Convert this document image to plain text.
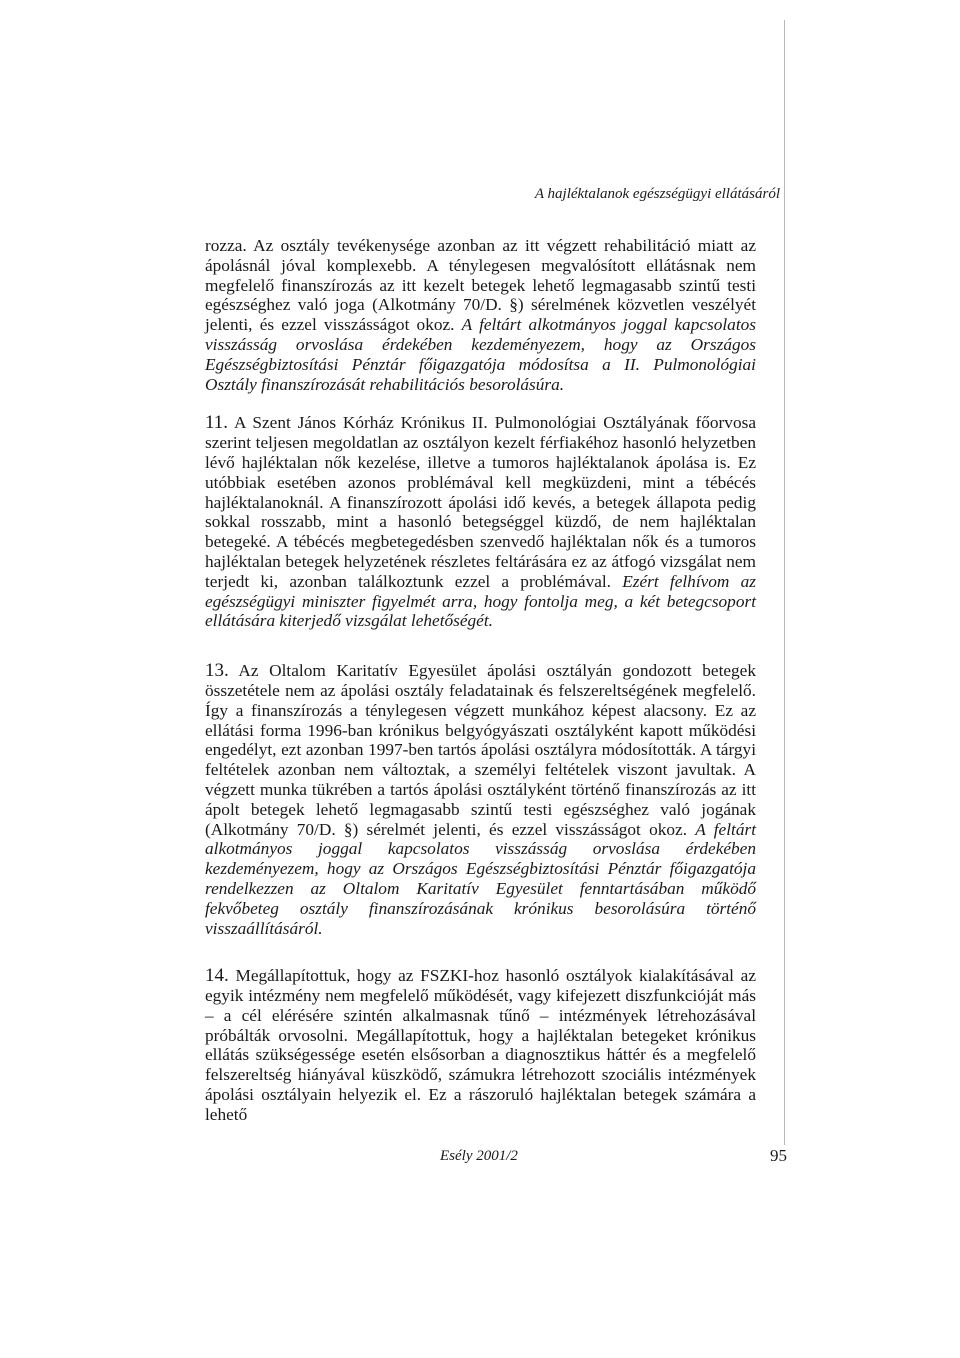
A hajléktalanok egészségügyi ellátásáról

rozza. Az osztály tevékenysége azonban az itt végzett rehabilitáció miatt az ápolásnál jóval komplexebb. A ténylegesen megvalósított ellátásnak nem megfelelő finanszírozás az itt kezelt betegek lehető legmagasabb szintű testi egészséghez való joga (Alkotmány 70/D. §) sérelmének közvetlen veszélyét jelenti, és ezzel visszásságot okoz. A feltárt alkotmányos joggal kapcsolatos visszásság orvoslása érdekében kezdeményezem, hogy az Országos Egészségbiztosítási Pénztár főigazgatója módosítsa a II. Pulmonológiai Osztály finanszírozását rehabilitációs besorolásúra.

11. A Szent János Kórház Krónikus II. Pulmonológiai Osztályának főorvosa szerint teljesen megoldatlan az osztályon kezelt férfiakéhoz hasonló helyzetben lévő hajléktalan nők kezelése, illetve a tumoros hajléktalanok ápolása is. Ez utóbbiak esetében azonos problémával kell megküzdeni, mint a tébécés hajléktalanoknál. A finanszírozott ápolási idő kevés, a betegek állapota pedig sokkal rosszabb, mint a hasonló betegséggel küzdő, de nem hajléktalan betegeké. A tébécés megbetegedésben szenvedő hajléktalan nők és a tumoros hajléktalan betegek helyzetének részletes feltárására ez az átfogó vizsgálat nem terjedt ki, azonban találkoztunk ezzel a problémával. Ezért felhívom az egészségügyi miniszter figyelmét arra, hogy fontolja meg, a két betegcsoport ellátására kiterjedő vizsgálat lehetőségét.

13. Az Oltalom Karitatív Egyesület ápolási osztályán gondozott betegek összetétele nem az ápolási osztály feladatainak és felszereltségének megfelelő. Így a finanszírozás a ténylegesen végzett munkához képest alacsony. Ez az ellátási forma 1996-ban krónikus belgyógyászati osztályként kapott működési engedélyt, ezt azonban 1997-ben tartós ápolási osztályra módosították. A tárgyi feltételek azonban nem változtak, a személyi feltételek viszont javultak. A végzett munka tükrében a tartós ápolási osztályként történő finanszírozás az itt ápolt betegek lehető legmagasabb szintű testi egészséghez való jogának (Alkotmány 70/D. §) sérelmét jelenti, és ezzel visszásságot okoz. A feltárt alkotmányos joggal kapcsolatos visszásság orvoslása érdekében kezdeményezem, hogy az Országos Egészségbiztosítási Pénztár főigazgatója rendelkezzen az Oltalom Karitatív Egyesület fenntartásában működő fekvőbeteg osztály finanszírozásának krónikus besorolásúra történő visszaállításáról.

14. Megállapítottuk, hogy az FSZKI-hoz hasonló osztályok kialakításával az egyik intézmény nem megfelelő működését, vagy kifejezett diszfunkcióját más – a cél elérésére szintén alkalmasnak tűnő – intézmények létrehozásával próbálták orvosolni. Megállapítottuk, hogy a hajléktalan betegeket krónikus ellátás szükségessége esetén elsősorban a diagnosztikus háttér és a megfelelő felszereltség hiányával küszködő, számukra létrehozott szociális intézmények ápolási osztályain helyezik el. Ez a rászoruló hajléktalan betegek számára a lehető

Esély 2001/2	95
